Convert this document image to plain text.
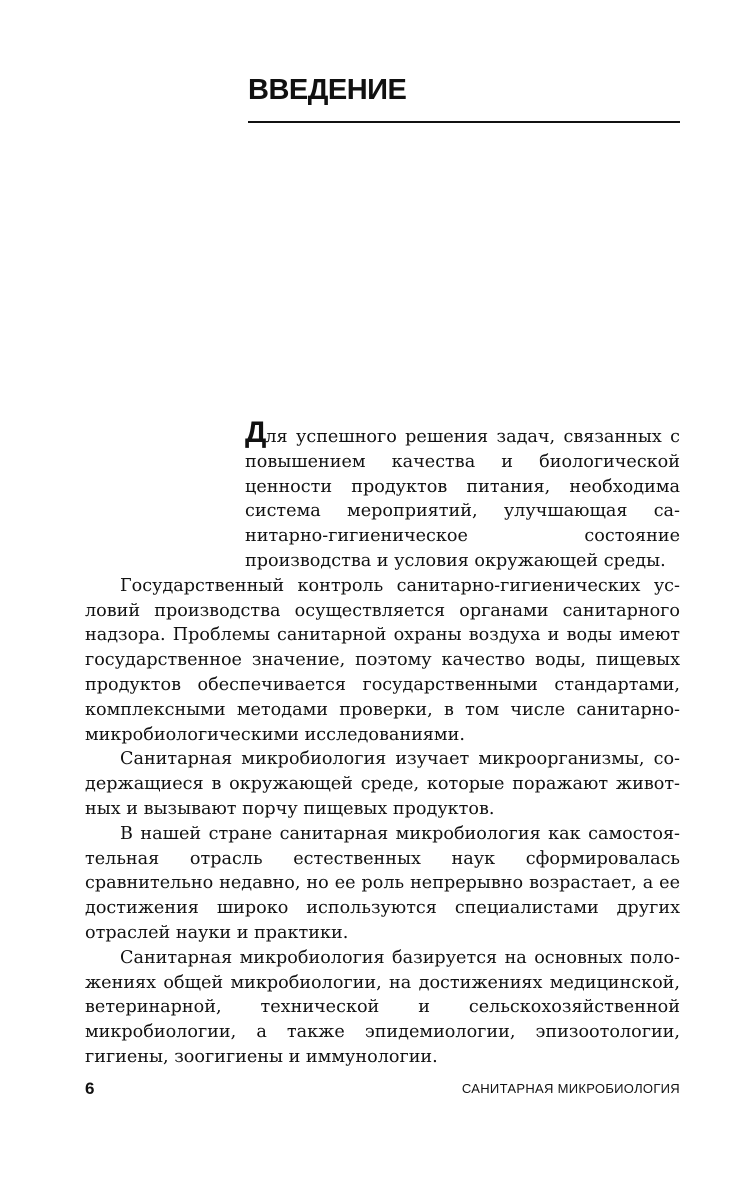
ВВЕДЕНИЕ

Для успешного решения задач, связанных с повышением качества и биологической ценности продуктов питания, необходима система мероприятий, улучшающая санитарно-гигиеническое состояние производства и условия окружающей среды.

Государственный контроль санитарно-гигиенических условий производства осуществляется органами санитарного надзора. Проблемы санитарной охраны воздуха и воды имеют государственное значение, поэтому качество воды, пищевых продуктов обеспечивается государственными стандартами, комплексными методами проверки, в том числе санитарно-микробиологическими исследованиями.

Санитарная микробиология изучает микроорганизмы, содержащиеся в окружающей среде, которые поражают животных и вызывают порчу пищевых продуктов.

В нашей стране санитарная микробиология как самостоятельная отрасль естественных наук сформировалась сравнительно недавно, но ее роль непрерывно возрастает, а ее достижения широко используются специалистами других отраслей науки и практики.

Санитарная микробиология базируется на основных положениях общей микробиологии, на достижениях медицинской, ветеринарной, технической и сельскохозяйственной микробиологии, а также эпидемиологии, эпизоотологии, гигиены, зоогигиены и иммунологии.

6	САНИТАРНАЯ МИКРОБИОЛОГИЯ
